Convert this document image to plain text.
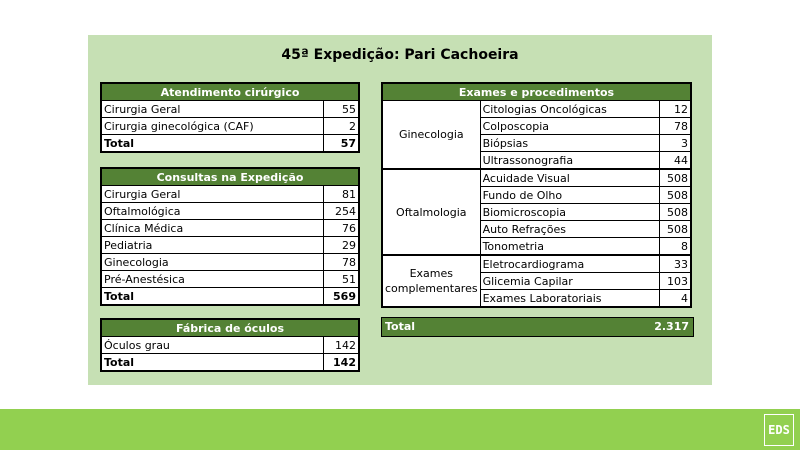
45ª Expedição: Pari Cachoeira
Atendimento cirúrgico	
Cirurgia Geral	55
Cirurgia ginecológica (CAF)	2
Total	57
Consultas na Expedição	
Cirurgia Geral	81
Oftalmológica	254
Clínica Médica	76
Pediatria	29
Ginecologia	78
Pré-Anestésica	51
Total	569
Fábrica de óculos	
Óculos grau	142
Total	142
Exames e procedimentos		
Ginecologia	Citologias Oncológicas	12
	Colposcopia	78
	Biópsias	3
	Ultrassonografia	44
Oftalmologia	Acuidade Visual	508
	Fundo de Olho	508
	Biomicroscopia	508
	Auto Refrações	508
	Tonometria	8
Exames complementares	Eletrocardiograma	33
	Glicemia Capilar	103
	Exames Laboratoriais	4
Total	2.317
EDS
